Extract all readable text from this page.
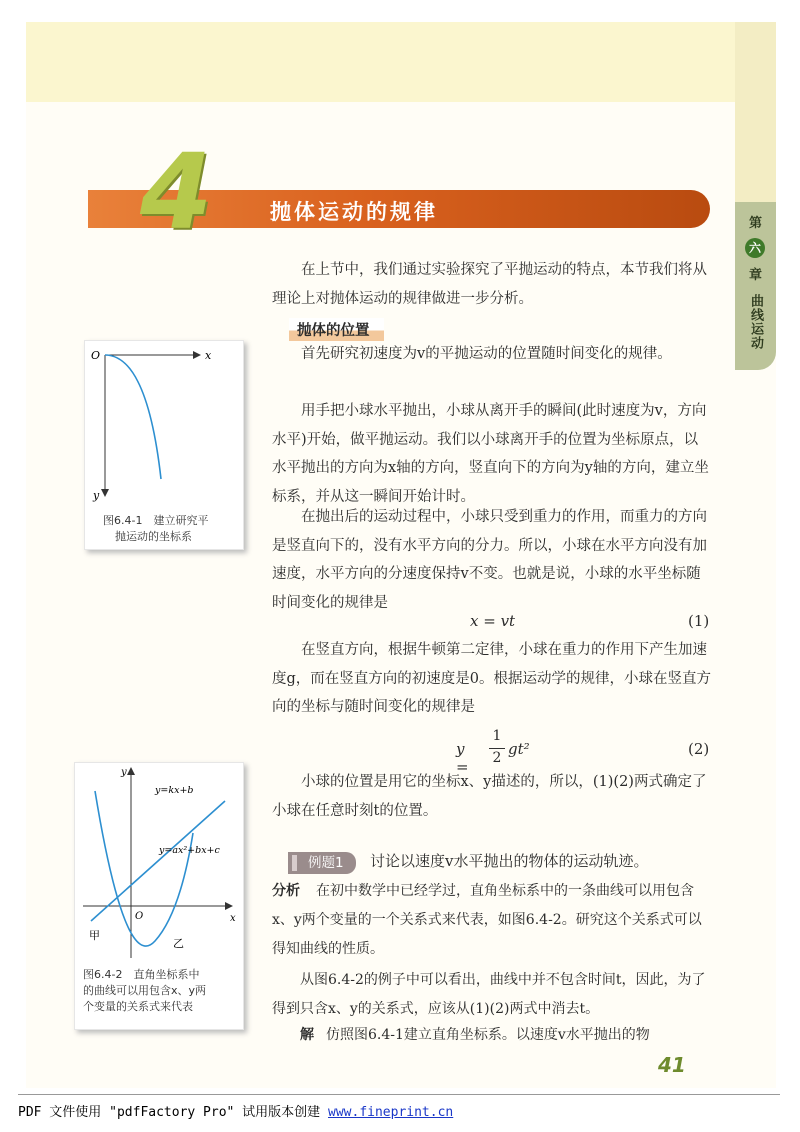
第
六
章
曲线运动
4	抛体运动的规律

在上节中，我们通过实验探究了平抛运动的特点，本节我们将从理论上对抛体运动的规律做进一步分析。

抛体的位置

首先研究初速度为v的平抛运动的位置随时间变化的规律。

用手把小球水平抛出，小球从离开手的瞬间(此时速度为v，方向水平)开始，做平抛运动。我们以小球离开手的位置为坐标原点，以水平抛出的方向为x轴的方向，竖直向下的方向为y轴的方向，建立坐标系，并从这一瞬间开始计时。

在抛出后的运动过程中，小球只受到重力的作用，而重力的方向是竖直向下的，没有水平方向的分力。所以，小球在水平方向没有加速度，水平方向的分速度保持v不变。也就是说，小球的水平坐标随时间变化的规律是

x = vt	(1)

在竖直方向，根据牛顿第二定律，小球在重力的作用下产生加速度g，而在竖直方向的初速度是0。根据运动学的规律，小球在竖直方向的坐标与随时间变化的规律是

y =
1
2 gt²	(2)

小球的位置是用它的坐标x、y描述的，所以，(1)(2)两式确定了小球在任意时刻t的位置。

O	x
y
图6.4-1　建立研究平
抛运动的坐标系
y
x
O
y=kx+b
y=ax²+bx+c
甲
乙
图6.4-2　直角坐标系中
的曲线可以用包含x、y两
个变量的关系式来代表
例题1	讨论以速度v水平抛出的物体的运动轨迹。

分析 在初中数学中已经学过，直角坐标系中的一条曲线可以用包含x、y两个变量的一个关系式来代表，如图6.4-2。研究这个关系式可以得知曲线的性质。

从图6.4-2的例子中可以看出，曲线中并不包含时间t，因此，为了得到只含x、y的关系式，应该从(1)(2)两式中消去t。

解 仿照图6.4-1建立直角坐标系。以速度v水平抛出的物

41
PDF 文件使用 "pdfFactory Pro" 试用版本创建 www.fineprint.cn
